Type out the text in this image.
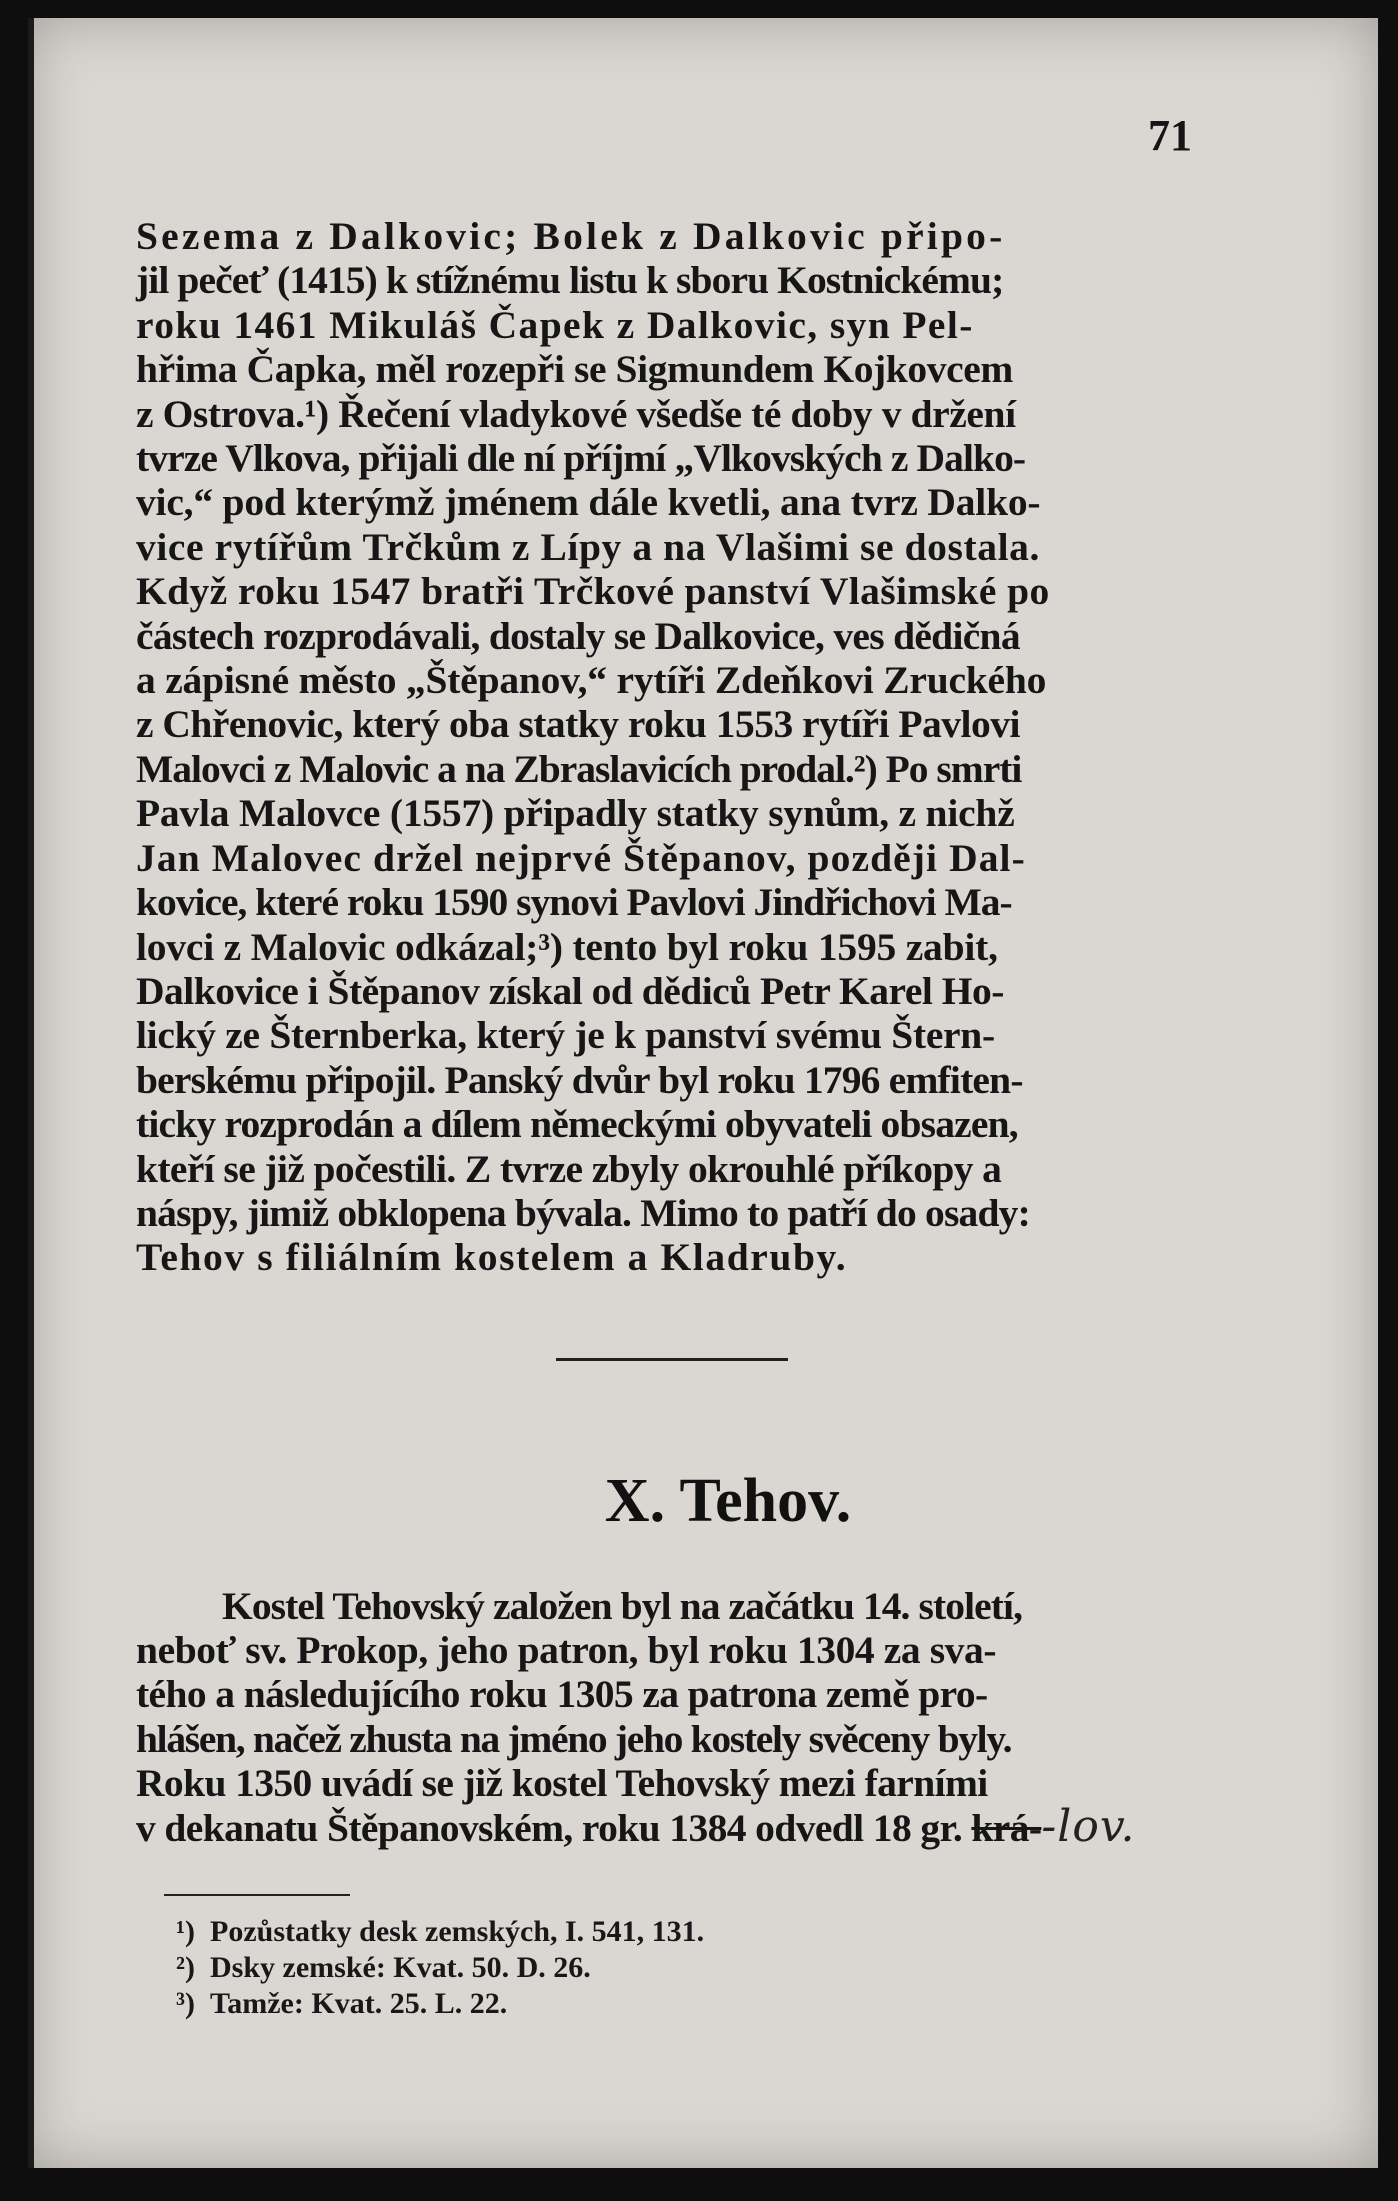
71
Sezema z Dalkovic; Bolek z Dalkovic připo-
jil pečeť (1415) k stížnému listu k sboru Kostnickému;
roku 1461 Mikuláš Čapek z Dalkovic, syn Pel-
hřima Čapka, měl rozepři se Sigmundem Kojkovcem
z Ostrova.¹) Řečení vladykové všedše té doby v držení
tvrze Vlkova, přijali dle ní příjmí „Vlkovských z Dalko-
vic,“ pod kterýmž jménem dále kvetli, ana tvrz Dalko-
vice rytířům Trčkům z Lípy a na Vlašimi se dostala.
Když roku 1547 bratři Trčkové panství Vlašimské po
částech rozprodávali, dostaly se Dalkovice, ves dědičná
a zápisné město „Štěpanov,“ rytíři Zdeňkovi Zruckého
z Chřenovic, který oba statky roku 1553 rytíři Pavlovi
Malovci z Malovic a na Zbraslavicích prodal.²) Po smrti
Pavla Malovce (1557) připadly statky synům, z nichž
Jan Malovec držel nejprvé Štěpanov, později Dal-
kovice, které roku 1590 synovi Pavlovi Jindřichovi Ma-
lovci z Malovic odkázal;³) tento byl roku 1595 zabit,
Dalkovice i Štěpanov získal od dědiců Petr Karel Ho-
lický ze Šternberka, který je k panství svému Štern-
berskému připojil. Panský dvůr byl roku 1796 emfiten-
ticky rozprodán a dílem německými obyvateli obsazen,
kteří se již počestili. Z tvrze zbyly okrouhlé příkopy a
náspy, jimiž obklopena bývala. Mimo to patří do osady:
Tehov s filiálním kostelem a Kladruby.
X. Tehov.
Kostel Tehovský založen byl na začátku 14. století,
neboť sv. Prokop, jeho patron, byl roku 1304 za sva-
tého a následujícího roku 1305 za patrona země pro-
hlášen, načež zhusta na jméno jeho kostely svěceny byly.
Roku 1350 uvádí se již kostel Tehovský mezi farními
v dekanatu Štěpanovském, roku 1384 odvedl 18 gr. krá--lov.
¹) Pozůstatky desk zemských, I. 541, 131.
²) Dsky zemské: Kvat. 50. D. 26.
³) Tamže: Kvat. 25. L. 22.
